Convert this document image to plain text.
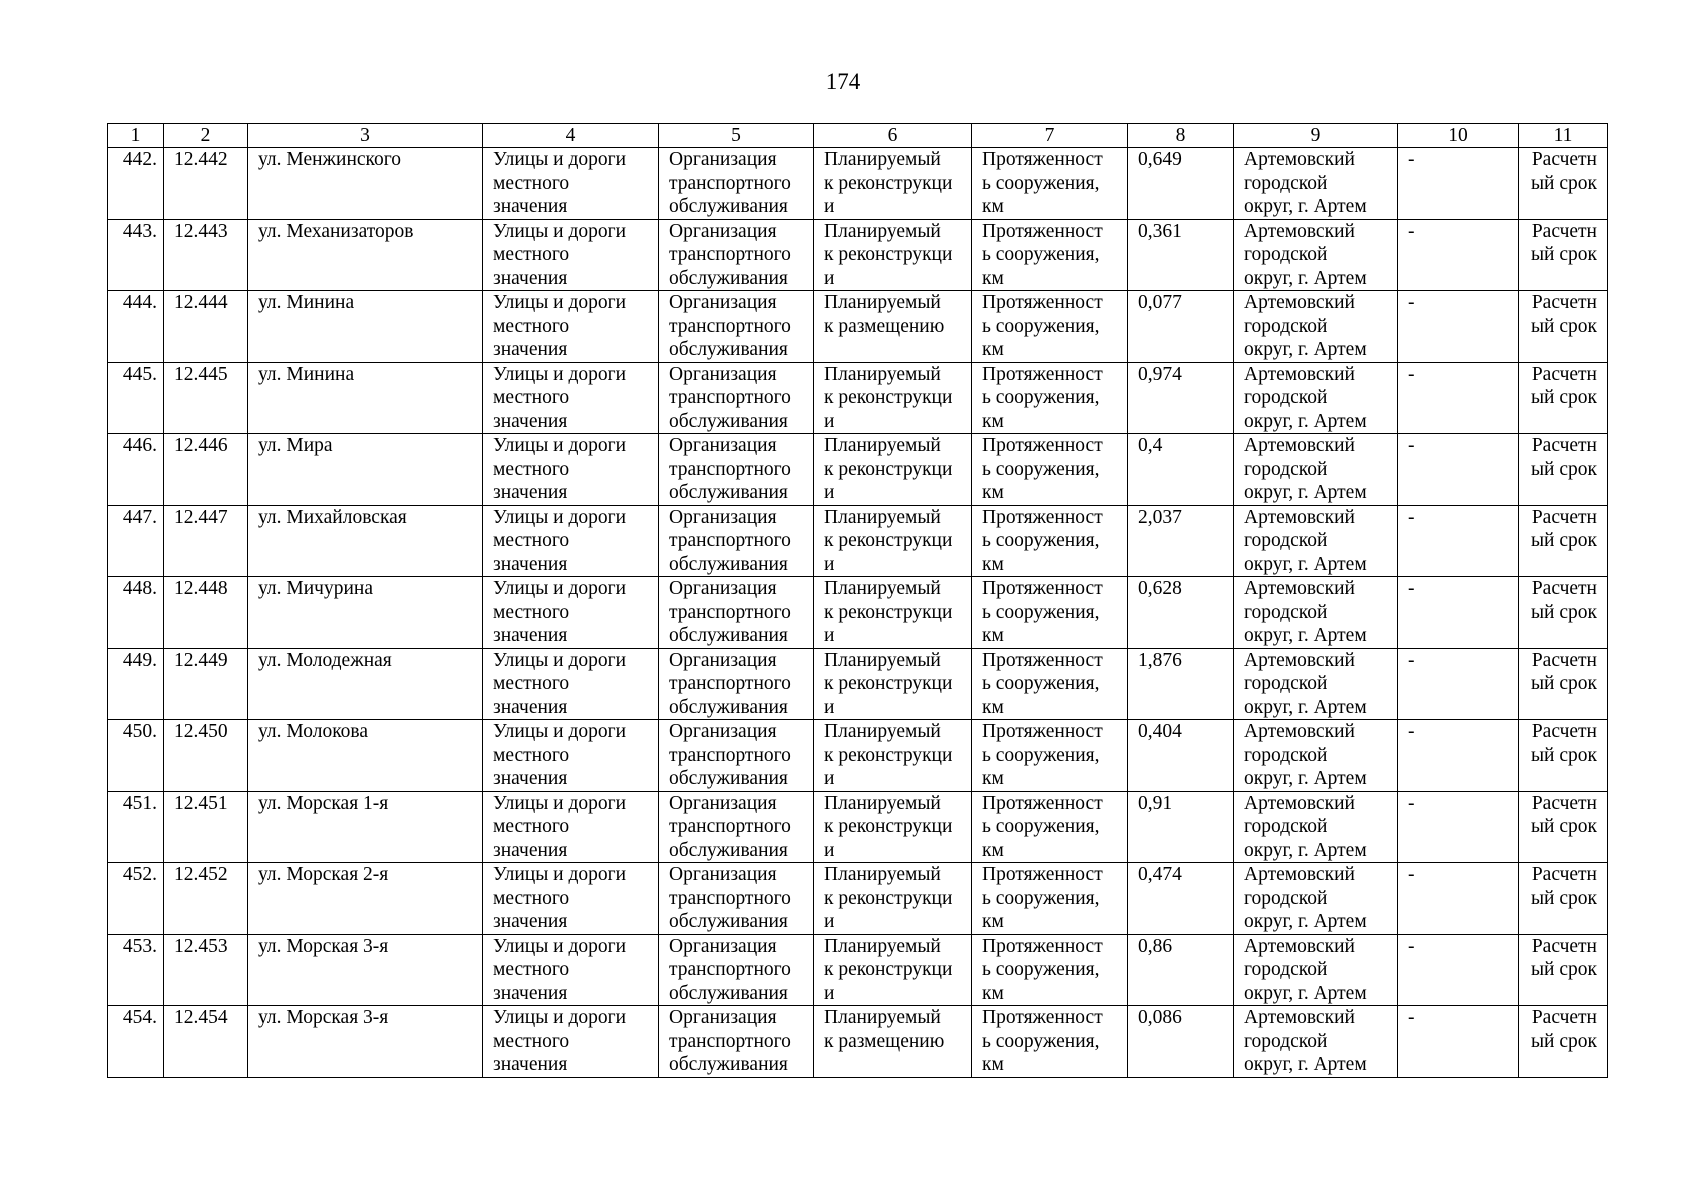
174
1	2	3	4	5	6	7	8	9	10	11
442.	12.442	ул. Менжинского	Улицы и дороги
местного
значения	Организация
транспортного
обслуживания	Планируемый
к реконструкци
и	Протяженност
ь сооружения,
км	0,649	Артемовский
городской
округ, г. Артем	-	Расчетн
ый срок
443.	12.443	ул. Механизаторов	Улицы и дороги
местного
значения	Организация
транспортного
обслуживания	Планируемый
к реконструкци
и	Протяженност
ь сооружения,
км	0,361	Артемовский
городской
округ, г. Артем	-	Расчетн
ый срок
444.	12.444	ул. Минина	Улицы и дороги
местного
значения	Организация
транспортного
обслуживания	Планируемый
к размещению	Протяженност
ь сооружения,
км	0,077	Артемовский
городской
округ, г. Артем	-	Расчетн
ый срок
445.	12.445	ул. Минина	Улицы и дороги
местного
значения	Организация
транспортного
обслуживания	Планируемый
к реконструкци
и	Протяженност
ь сооружения,
км	0,974	Артемовский
городской
округ, г. Артем	-	Расчетн
ый срок
446.	12.446	ул. Мира	Улицы и дороги
местного
значения	Организация
транспортного
обслуживания	Планируемый
к реконструкци
и	Протяженност
ь сооружения,
км	0,4	Артемовский
городской
округ, г. Артем	-	Расчетн
ый срок
447.	12.447	ул. Михайловская	Улицы и дороги
местного
значения	Организация
транспортного
обслуживания	Планируемый
к реконструкци
и	Протяженност
ь сооружения,
км	2,037	Артемовский
городской
округ, г. Артем	-	Расчетн
ый срок
448.	12.448	ул. Мичурина	Улицы и дороги
местного
значения	Организация
транспортного
обслуживания	Планируемый
к реконструкци
и	Протяженност
ь сооружения,
км	0,628	Артемовский
городской
округ, г. Артем	-	Расчетн
ый срок
449.	12.449	ул. Молодежная	Улицы и дороги
местного
значения	Организация
транспортного
обслуживания	Планируемый
к реконструкци
и	Протяженност
ь сооружения,
км	1,876	Артемовский
городской
округ, г. Артем	-	Расчетн
ый срок
450.	12.450	ул. Молокова	Улицы и дороги
местного
значения	Организация
транспортного
обслуживания	Планируемый
к реконструкци
и	Протяженност
ь сооружения,
км	0,404	Артемовский
городской
округ, г. Артем	-	Расчетн
ый срок
451.	12.451	ул. Морская 1-я	Улицы и дороги
местного
значения	Организация
транспортного
обслуживания	Планируемый
к реконструкци
и	Протяженност
ь сооружения,
км	0,91	Артемовский
городской
округ, г. Артем	-	Расчетн
ый срок
452.	12.452	ул. Морская 2-я	Улицы и дороги
местного
значения	Организация
транспортного
обслуживания	Планируемый
к реконструкци
и	Протяженност
ь сооружения,
км	0,474	Артемовский
городской
округ, г. Артем	-	Расчетн
ый срок
453.	12.453	ул. Морская 3-я	Улицы и дороги
местного
значения	Организация
транспортного
обслуживания	Планируемый
к реконструкци
и	Протяженност
ь сооружения,
км	0,86	Артемовский
городской
округ, г. Артем	-	Расчетн
ый срок
454.	12.454	ул. Морская 3-я	Улицы и дороги
местного
значения	Организация
транспортного
обслуживания	Планируемый
к размещению	Протяженност
ь сооружения,
км	0,086	Артемовский
городской
округ, г. Артем	-	Расчетн
ый срок
